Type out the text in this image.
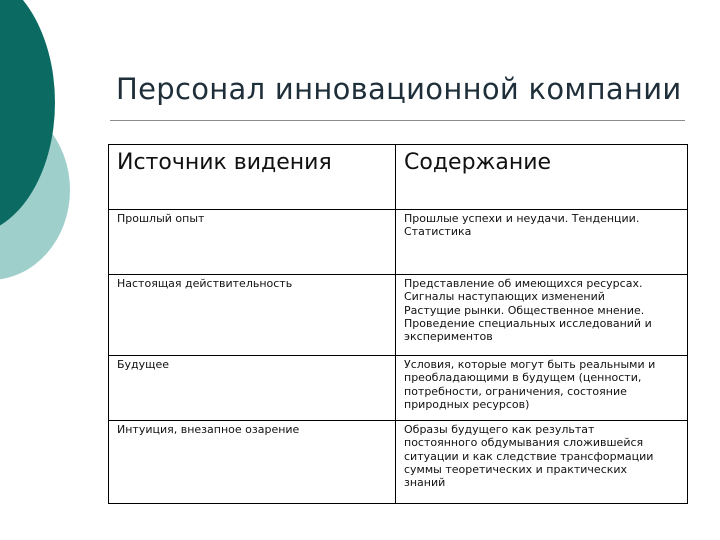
Персонал инновационной компании
Источник видения	Содержание

Прошлый опыт	Прошлые успехи и неудачи. Тенденции.
Статистика

Настоящая действительность	Представление об имеющихся ресурсах.
Сигналы наступающих изменений
Растущие рынки. Общественное мнение.
Проведение специальных исследований и
экспериментов

Будущее	Условия, которые могут быть реальными и
преобладающими в будущем (ценности,
потребности, ограничения, состояние
природных ресурсов)

Интуиция, внезапное озарение	Образы будущего как результат
постоянного обдумывания сложившейся
ситуации и как следствие трансформации
суммы теоретических и практических
знаний
